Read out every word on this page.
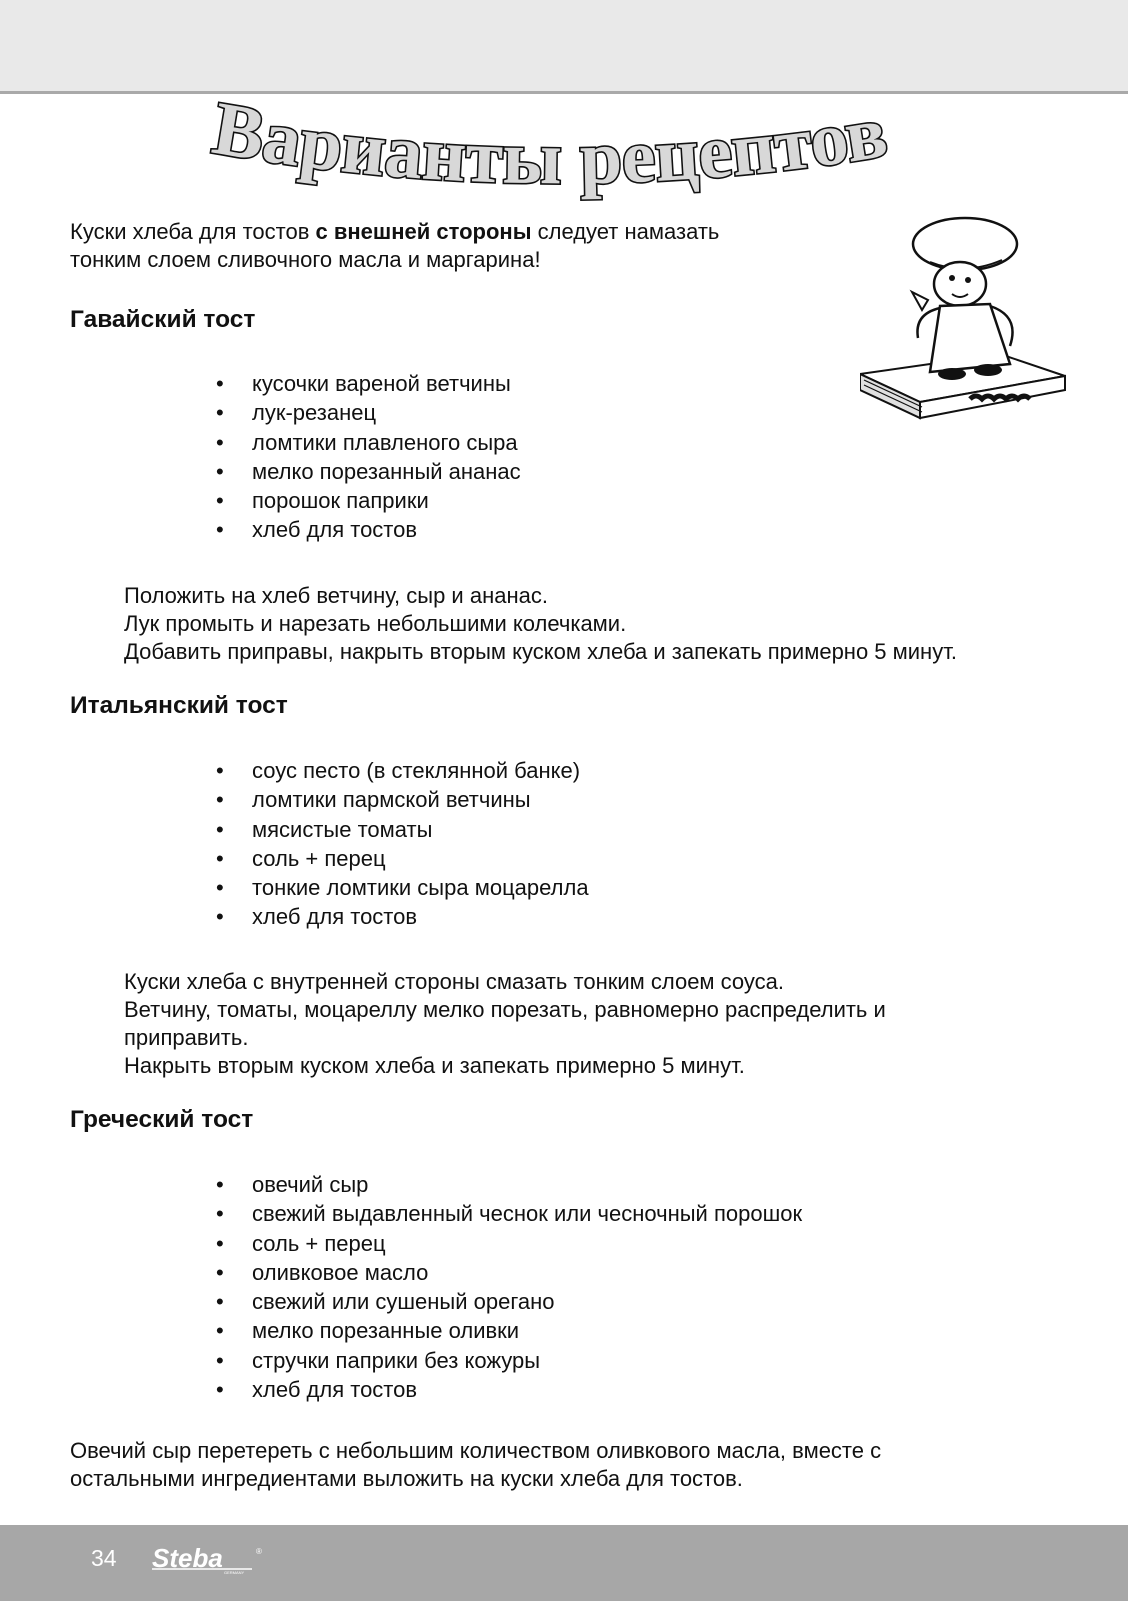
Варианты рецептов

Куски хлеба для тостов с внешней стороны следует намазать
тонким слоем сливочного масла и маргарина!

Гавайский тост
• кусочки вареной ветчины
• лук-резанец
• ломтики плавленого сыра
• мелко порезанный ананас
• порошок паприки
• хлеб для тостов

Положить на хлеб ветчину, сыр и ананас.
Лук промыть и нарезать небольшими колечками.
Добавить приправы, накрыть вторым куском хлеба и запекать примерно 5 минут.

Итальянский тост
• соус песто (в стеклянной банке)
• ломтики пармской ветчины
• мясистые томаты
• соль + перец
• тонкие ломтики сыра моцарелла
• хлеб для тостов

Куски хлеба с внутренней стороны смазать тонким слоем соуса.
Ветчину, томаты, моцареллу мелко порезать, равномерно распределить и
приправить.
Накрыть вторым куском хлеба и запекать примерно 5 минут.

Греческий тост
• овечий сыр
• свежий выдавленный чеснок или чесночный порошок
• соль + перец
• оливковое масло
• свежий или сушеный орегано
• мелко порезанные оливки
• стручки паприки без кожуры
• хлеб для тостов

Овечий сыр перетереть с небольшим количеством оливкового масла, вместе с
остальными ингредиентами выложить на куски хлеба для тостов.

34 Steba GERMANY
®
